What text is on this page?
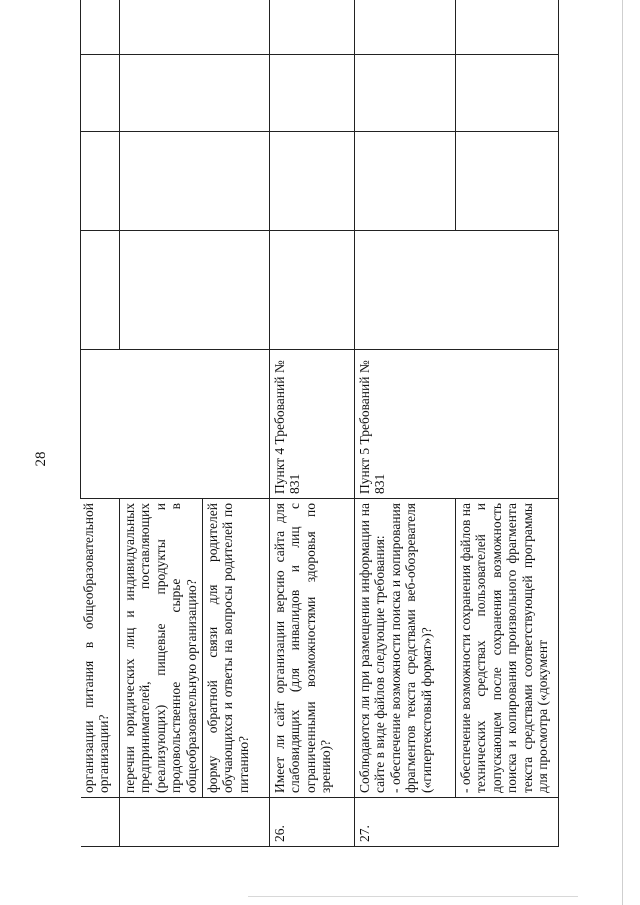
28

	организации питания в общеобразовательной организации?					

	перечни юридических лиц и индивидуальных предпринимателей, поставляющих (реализующих) пищевые продукты и продовольственное сырье в общеобразовательную организацию?					

	форму обратной связи для родителей обучающихся и ответы на вопросы родителей по питанию?					

26.	Имеет ли сайт организации версию сайта для слабовидящих (для инвалидов и лиц с ограниченными возможностями здоровья по зрению)?	Пункт 4 Требований № 831				
27.	Соблюдаются ли при размещении информации на сайте в виде файлов следующие требования: - обеспечение возможности поиска и копирования фрагментов текста средствами веб-обозревателя («гипертекстовый формат»)?	Пункт 5 Требований № 831				

	- обеспечение возможности сохранения файлов на технических средствах пользователей и допускающем после сохранения возможность поиска и копирования произвольного фрагмента текста средствами соответствующей программы для просмотра («документ					
